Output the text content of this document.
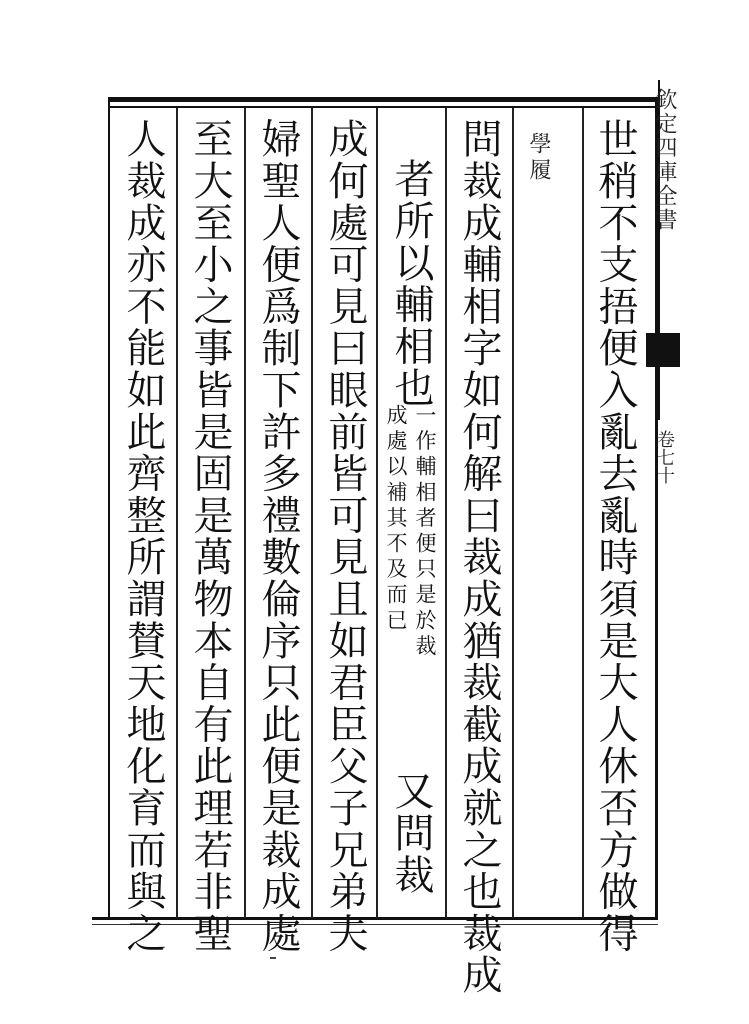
欽定四庫全書
卷七十
世稍不支捂便入亂去亂時須是大人休否方做得
學履
問裁成輔相字如何解曰裁成猶裁截成就之也裁成
者所以輔相也
一作輔相者便只是於裁
成處以補其不及而已
又問裁
成何處可見曰眼前皆可見且如君臣父子兄弟夫
婦聖人便爲制下許多禮數倫序只此便是裁成處
至大至小之事皆是固是萬物本自有此理若非聖
人裁成亦不能如此齊整所謂賛天地化育而與之
